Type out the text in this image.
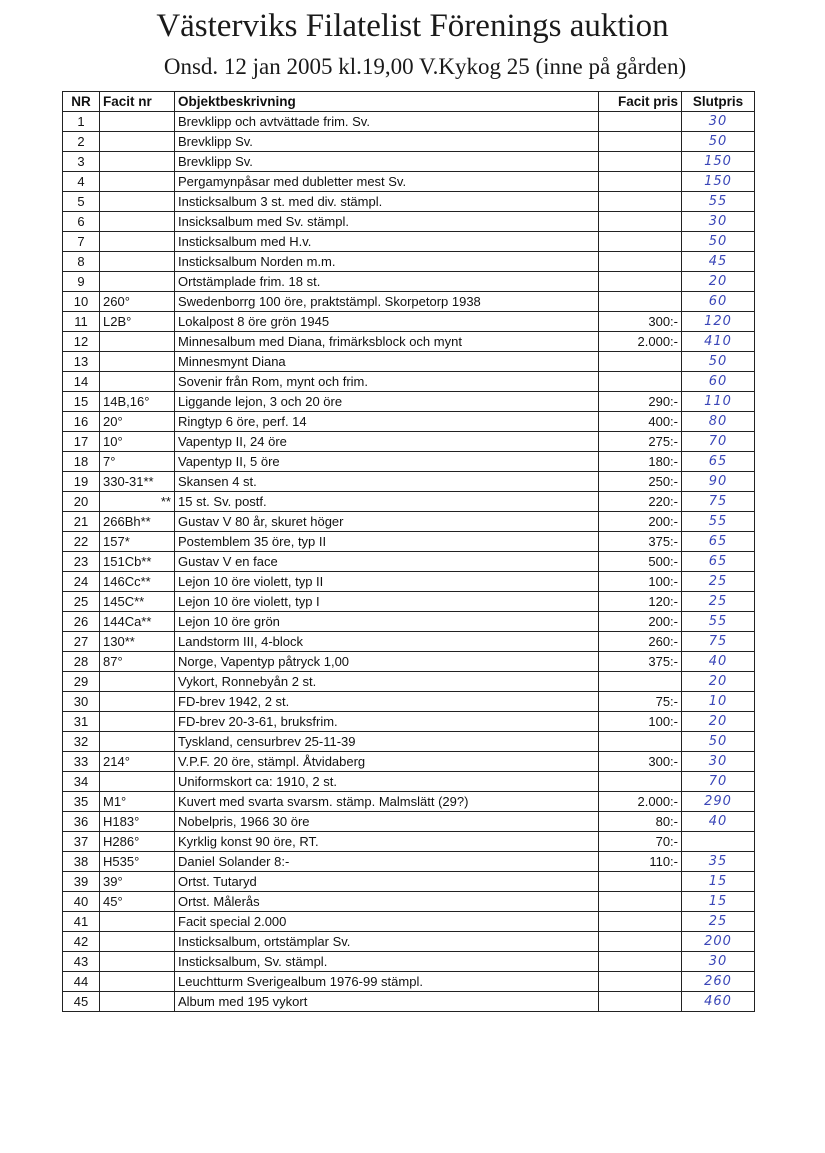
Västerviks Filatelist Förenings auktion
Onsd. 12 jan 2005 kl.19,00 V.Kykog 25 (inne på gården)
NR	Facit nr	Objektbeskrivning	Facit pris	Slutpris
1		Brevklipp och avtvättade frim. Sv.		30
2		Brevklipp Sv.		50
3		Brevklipp Sv.		150
4		Pergamynpåsar med dubletter mest Sv.		150
5		Insticksalbum 3 st. med div. stämpl.		55
6		Insicksalbum med Sv. stämpl.		30
7		Insticksalbum med H.v.		50
8		Insticksalbum Norden m.m.		45
9		Ortstämplade frim. 18 st.		20
10	260°	Swedenborrg 100 öre, praktstämpl. Skorpetorp 1938		60
11	L2B°	Lokalpost 8 öre grön 1945	300:-	120
12		Minnesalbum med Diana, frimärksblock och mynt	2.000:-	410
13		Minnesmynt Diana		50
14		Sovenir från Rom, mynt och frim.		60
15	14B,16°	Liggande lejon, 3 och 20 öre	290:-	110
16	20°	Ringtyp 6 öre, perf. 14	400:-	80
17	10°	Vapentyp II, 24 öre	275:-	70
18	7°	Vapentyp II, 5 öre	180:-	65
19	330-31**	Skansen 4 st.	250:-	90
20	**	15 st. Sv. postf.	220:-	75
21	266Bh**	Gustav V 80 år, skuret höger	200:-	55
22	157*	Postemblem 35 öre, typ II	375:-	65
23	151Cb**	Gustav V en face	500:-	65
24	146Cc**	Lejon 10 öre violett, typ II	100:-	25
25	145C**	Lejon 10 öre violett, typ I	120:-	25
26	144Ca**	Lejon 10 öre grön	200:-	55
27	130**	Landstorm III, 4-block	260:-	75
28	87°	Norge, Vapentyp påtryck 1,00	375:-	40
29		Vykort, Ronnebyån 2 st.		20
30		FD-brev 1942, 2 st.	75:-	10
31		FD-brev 20-3-61, bruksfrim.	100:-	20
32		Tyskland, censurbrev 25-11-39		50
33	214°	V.P.F. 20 öre, stämpl. Åtvidaberg	300:-	30
34		Uniformskort ca: 1910, 2 st.		70
35	M1°	Kuvert med svarta svarsm. stämp. Malmslätt (29?)	2.000:-	290
36	H183°	Nobelpris, 1966 30 öre	80:-	40
37	H286°	Kyrklig konst 90 öre, RT.	70:-	
38	H535°	Daniel Solander 8:-	110:-	35
39	39°	Ortst. Tutaryd		15
40	45°	Ortst. Målerås		15
41		Facit special 2.000		25
42		Insticksalbum, ortstämplar Sv.		200
43		Insticksalbum, Sv. stämpl.		30
44		Leuchtturm Sverigealbum 1976-99 stämpl.		260
45		Album med 195 vykort		460
